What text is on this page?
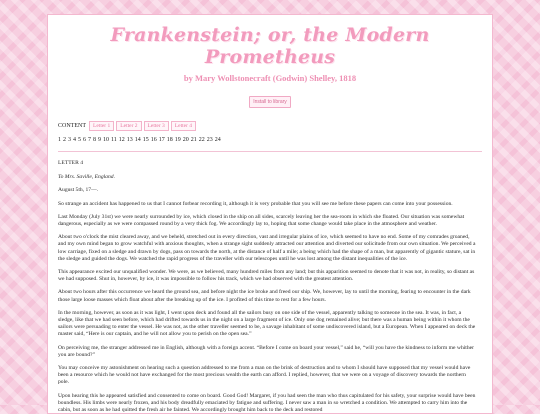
Frankenstein; or, the Modern Prometheus
by Mary Wollstonecraft (Godwin) Shelley, 1818
Install to library
CONTENT	Letter 1	Letter 2	Letter 3	Letter 4
1 2 3 4 5 6 7 8 9 10 11 12 13 14 15 16 17 18 19 20 21 22 23 24

LETTER 4

To Mrs. Saville, England.

August 5th, 17—.

So strange an accident has happened to us that I cannot forbear recording it, although it is very probable that you will see me before these papers can come into your possession.

Last Monday (July 31st) we were nearly surrounded by ice, which closed in the ship on all sides, scarcely leaving her the sea-room in which she floated. Our situation was somewhat dangerous, especially as we were compassed round by a very thick fog. We accordingly lay to, hoping that some change would take place in the atmosphere and weather.

About two o'clock the mist cleared away, and we beheld, stretched out in every direction, vast and irregular plains of ice, which seemed to have no end. Some of my comrades groaned, and my own mind began to grow watchful with anxious thoughts, when a strange sight suddenly attracted our attention and diverted our solicitude from our own situation. We perceived a low carriage, fixed on a sledge and drawn by dogs, pass on towards the north, at the distance of half a mile; a being which had the shape of a man, but apparently of gigantic stature, sat in the sledge and guided the dogs. We watched the rapid progress of the traveller with our telescopes until he was lost among the distant inequalities of the ice.

This appearance excited our unqualified wonder. We were, as we believed, many hundred miles from any land; but this apparition seemed to denote that it was not, in reality, so distant as we had supposed. Shut in, however, by ice, it was impossible to follow his track, which we had observed with the greatest attention.

About two hours after this occurrence we heard the ground sea, and before night the ice broke and freed our ship. We, however, lay to until the morning, fearing to encounter in the dark those large loose masses which float about after the breaking up of the ice. I profited of this time to rest for a few hours.

In the morning, however, as soon as it was light, I went upon deck and found all the sailors busy on one side of the vessel, apparently talking to someone in the sea. It was, in fact, a sledge, like that we had seen before, which had drifted towards us in the night on a large fragment of ice. Only one dog remained alive; but there was a human being within it whom the sailors were persuading to enter the vessel. He was not, as the other traveller seemed to be, a savage inhabitant of some undiscovered island, but a European. When I appeared on deck the master said, “Here is our captain, and he will not allow you to perish on the open sea.”

On perceiving me, the stranger addressed me in English, although with a foreign accent. “Before I come on board your vessel,” said he, “will you have the kindness to inform me whither you are bound?”

You may conceive my astonishment on hearing such a question addressed to me from a man on the brink of destruction and to whom I should have supposed that my vessel would have been a resource which he would not have exchanged for the most precious wealth the earth can afford. I replied, however, that we were on a voyage of discovery towards the northern pole.

Upon hearing this he appeared satisfied and consented to come on board. Good God! Margaret, if you had seen the man who thus capitulated for his safety, your surprise would have been boundless. His limbs were nearly frozen, and his body dreadfully emaciated by fatigue and suffering. I never saw a man in so wretched a condition. We attempted to carry him into the cabin, but as soon as he had quitted the fresh air he fainted. We accordingly brought him back to the deck and restored
